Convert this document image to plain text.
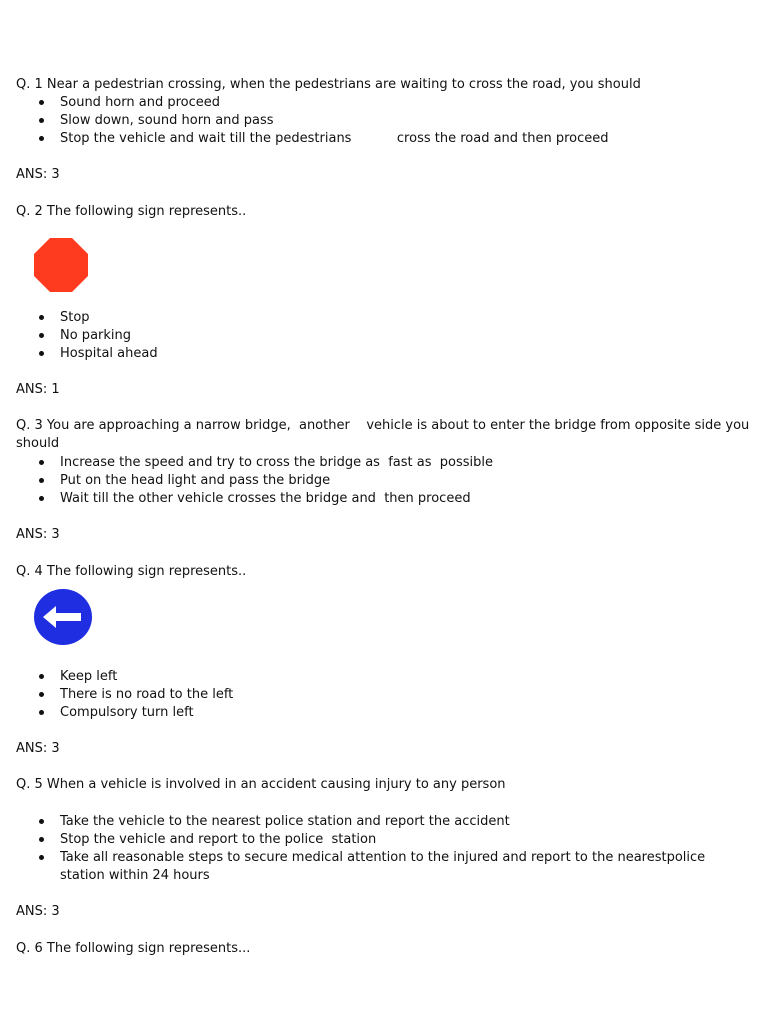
Q. 1 Near a pedestrian crossing, when the pedestrians are waiting to cross the road, you should
Sound horn and proceed
Slow down, sound horn and pass
Stop the vehicle and wait till the pedestrians           cross the road and then proceed
ANS: 3
Q. 2 The following sign represents..
Stop
No parking
Hospital ahead
ANS: 1
Q. 3 You are approaching a narrow bridge,  another    vehicle is about to enter the bridge from opposite side you
should
Increase the speed and try to cross the bridge as  fast as  possible
Put on the head light and pass the bridge
Wait till the other vehicle crosses the bridge and  then proceed
ANS: 3
Q. 4 The following sign represents..
Keep left
There is no road to the left
Compulsory turn left
ANS: 3
Q. 5 When a vehicle is involved in an accident causing injury to any person
Take the vehicle to the nearest police station and report the accident
Stop the vehicle and report to the police  station
Take all reasonable steps to secure medical attention to the injured and report to the nearestpolice
station within 24 hours
ANS: 3
Q. 6 The following sign represents...
